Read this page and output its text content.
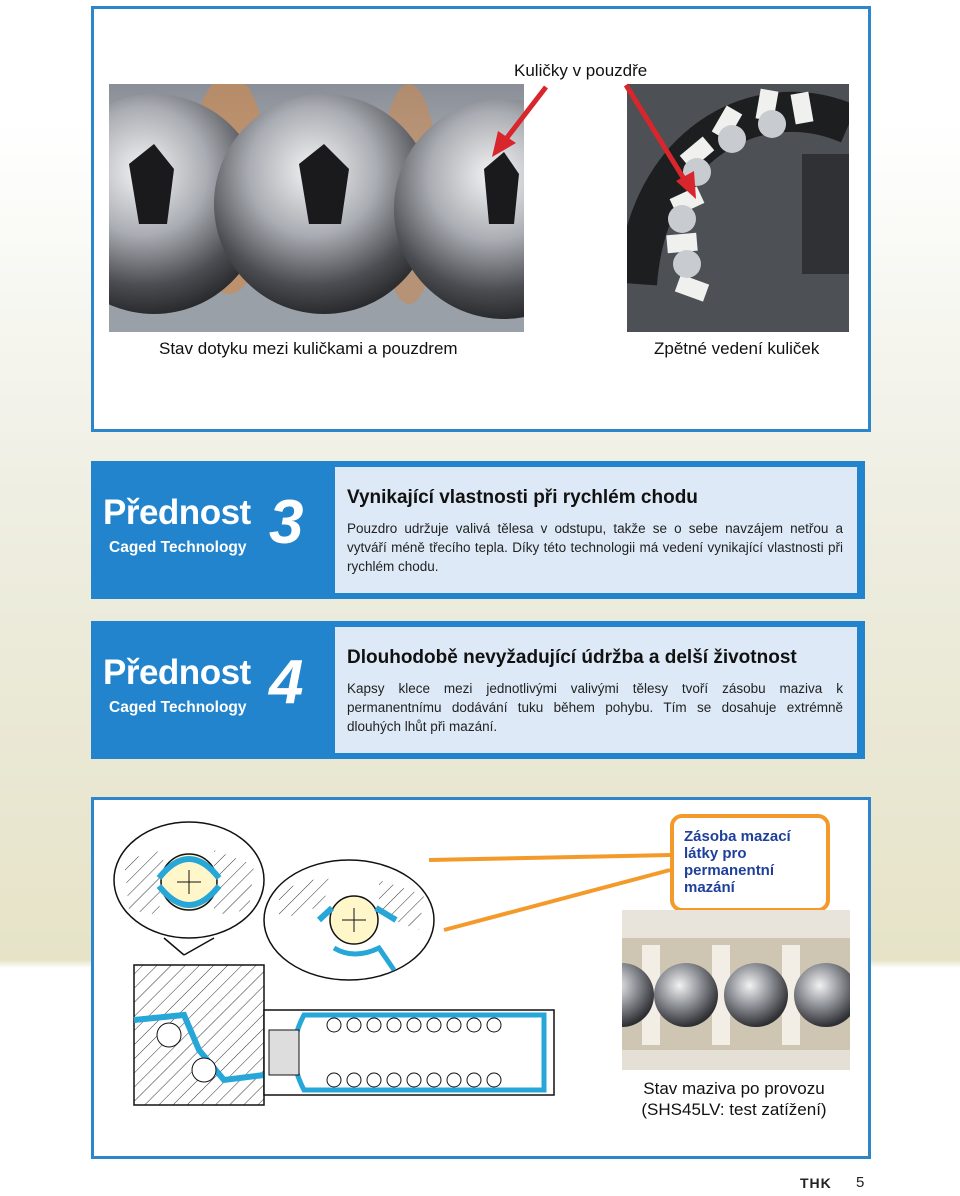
Kuličky v pouzdře
Stav dotyku mezi kuličkami a pouzdrem	Zpětné vedení kuliček
Přednost
Caged Technology 3 Vynikající vlastnosti při rychlém chodu
Pouzdro udržuje valivá tělesa v odstupu, takže se o sebe navzájem netřou a vytváří méně třecího tepla. Díky této technologii má vedení vynikající vlastnosti při rychlém chodu.
Přednost
Caged Technology 4 Dlouhodobě nevyžadující údržba a delší životnost
Kapsy klece mezi jednotlivými valivými tělesy tvoří zásobu maziva k permanentnímu dodávání tuku během pohybu. Tím se dosahuje extrémně dlouhých lhůt při mazání.
Zásoba mazací látky pro permanentní mazání
Stav maziva po provozu (SHS45LV: test zatížení)
THK 5
